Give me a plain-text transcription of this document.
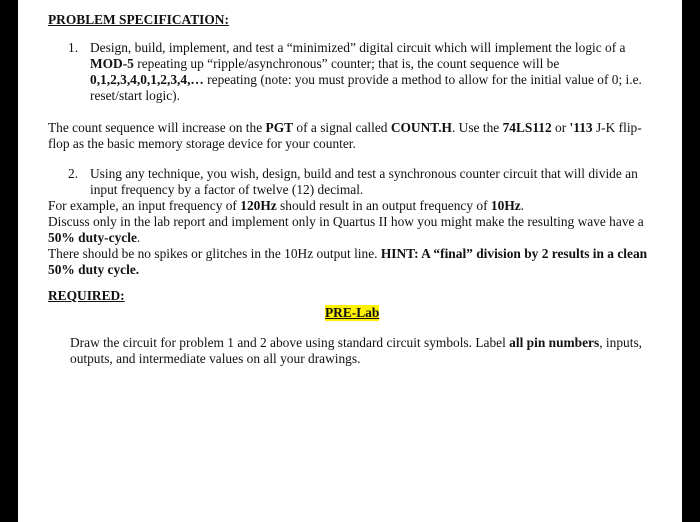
PROBLEM SPECIFICATION:
1. Design, build, implement, and test a “minimized” digital circuit which will implement the logic of a
MOD-5 repeating up “ripple/asynchronous” counter; that is, the count sequence will be
0,1,2,3,4,0,1,2,3,4,… repeating (note: you must provide a method to allow for the initial value of 0; i.e.
reset/start logic).
The count sequence will increase on the PGT of a signal called COUNT.H. Use the 74LS112 or '113 J-K flip-
flop as the basic memory storage device for your counter.
2. Using any technique, you wish, design, build and test a synchronous counter circuit that will divide an
input frequency by a factor of twelve (12) decimal.
For example, an input frequency of 120Hz should result in an output frequency of 10Hz.
Discuss only in the lab report and implement only in Quartus II how you might make the resulting wave have a
50% duty-cycle.
There should be no spikes or glitches in the 10Hz output line. HINT: A “final” division by 2 results in a clean
50% duty cycle.
REQUIRED:
PRE-Lab
Draw the circuit for problem 1 and 2 above using standard circuit symbols. Label all pin numbers, inputs,
outputs, and intermediate values on all your drawings.
